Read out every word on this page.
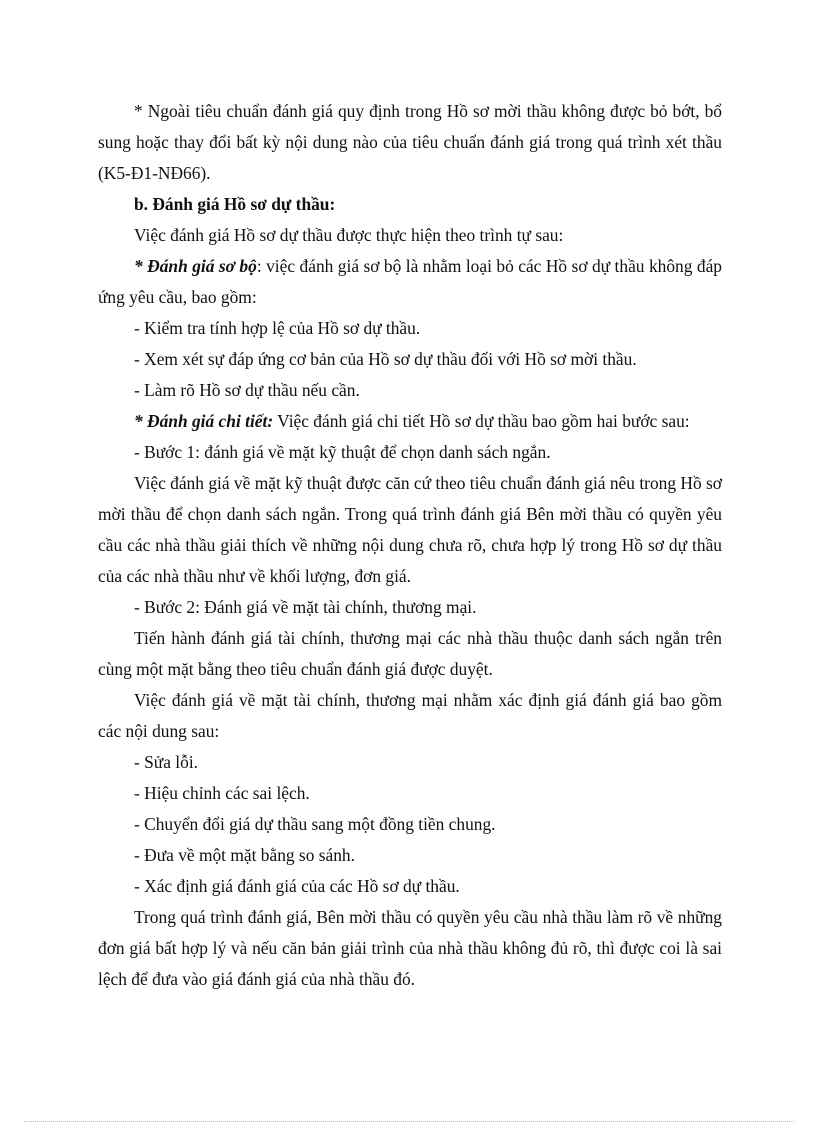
* Ngoài tiêu chuẩn đánh giá quy định trong Hồ sơ mời thầu không được bỏ bớt, bổ sung hoặc thay đổi bất kỳ nội dung nào của tiêu chuẩn đánh giá trong quá trình xét thầu (K5-Đ1-NĐ66).

b. Đánh giá Hồ sơ dự thầu:

Việc đánh giá Hồ sơ dự thầu được thực hiện theo trình tự sau:

* Đánh giá sơ bộ: việc đánh giá sơ bộ là nhằm loại bỏ các Hồ sơ dự thầu không đáp ứng yêu cầu, bao gồm:

- Kiểm tra tính hợp lệ của Hồ sơ dự thầu.

- Xem xét sự đáp ứng cơ bản của Hồ sơ dự thầu đối với Hồ sơ mời thầu.

- Làm rõ Hồ sơ dự thầu nếu cần.

* Đánh giá chi tiết: Việc đánh giá chi tiết Hồ sơ dự thầu bao gồm hai bước sau:

- Bước 1: đánh giá về mặt kỹ thuật để chọn danh sách ngắn.

Việc đánh giá về mặt kỹ thuật được căn cứ theo tiêu chuẩn đánh giá nêu trong Hồ sơ mời thầu để chọn danh sách ngắn. Trong quá trình đánh giá Bên mời thầu có quyền yêu cầu các nhà thầu giải thích về những nội dung chưa rõ, chưa hợp lý trong Hồ sơ dự thầu của các nhà thầu như về khối lượng, đơn giá.

- Bước 2: Đánh giá về mặt tài chính, thương mại.

Tiến hành đánh giá tài chính, thương mại các nhà thầu thuộc danh sách ngắn trên cùng một mặt bằng theo tiêu chuẩn đánh giá được duyệt.

Việc đánh giá về mặt tài chính, thương mại nhằm xác định giá đánh giá bao gồm các nội dung sau:

- Sửa lỗi.

- Hiệu chỉnh các sai lệch.

- Chuyển đổi giá dự thầu sang một đồng tiền chung.

- Đưa về một mặt bằng so sánh.

- Xác định giá đánh giá của các Hồ sơ dự thầu.

Trong quá trình đánh giá, Bên mời thầu có quyền yêu cầu nhà thầu làm rõ về những đơn giá bất hợp lý và nếu căn bản giải trình của nhà thầu không đủ rõ, thì được coi là sai lệch để đưa vào giá đánh giá của nhà thầu đó.
